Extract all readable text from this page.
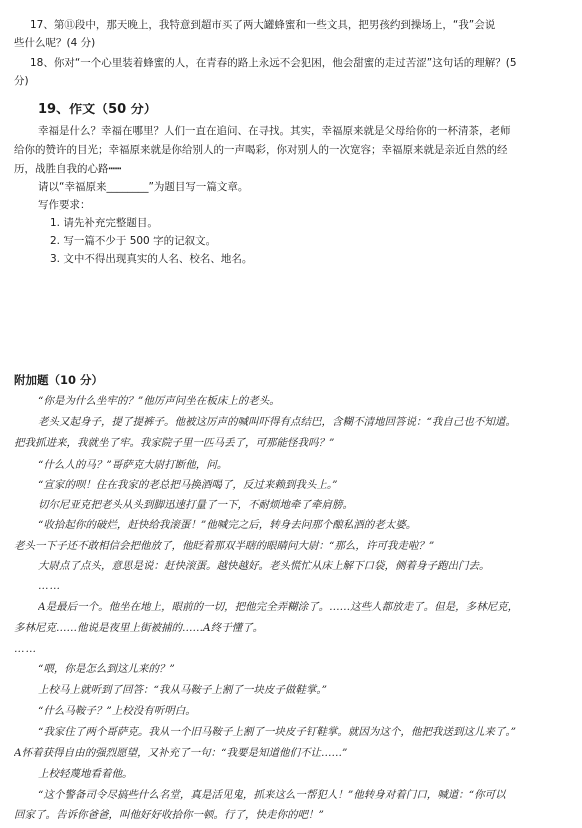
17、第⑪段中，那天晚上，我特意到超市买了两大罐蜂蜜和一些文具，把男孩约到操场上，“我”会说
些什么呢？(4 分)
18、你对“一个心里装着蜂蜜的人，在青春的路上永远不会犯困，他会甜蜜的走过苦涩”这句话的理解？(5
分)
19、作文（50 分）
幸福是什么？幸福在哪里？人们一直在追问、在寻找。其实，幸福原来就是父母给你的一杯清茶，老师
给你的赞许的目光；幸福原来就是你给别人的一声喝彩，你对别人的一次宽容；幸福原来就是亲近自然的经
历，战胜自我的心路┅┅
请以“幸福原来________”为题目写一篇文章。
写作要求：
1. 请先补充完整题目。
2. 写一篇不少于 500 字的记叙文。
3. 文中不得出现真实的人名、校名、地名。
附加题（10 分）
“你是为什么坐牢的？”他厉声问坐在板床上的老头。
老头又起身子，提了提裤子。他被这厉声的喊叫吓得有点结巴，含糊不清地回答说：“我自己也不知道。
把我抓进来，我就坐了牢。我家院子里一匹马丢了，可那能怪我吗？”
“什么人的马？”哥萨克大尉打断他，问。
“宣家的呗！住在我家的老总把马换酒喝了，反过来赖到我头上。”
切尔尼亚克把老头从头到脚迅速打量了一下，不耐烦地牵了牵肩膀。
“收拾起你的破烂，赶快给我滚蛋！”他喊完之后，转身去问那个酿私酒的老太婆。
老头一下子还不敢相信会把他放了，他眨着那双半瞎的眼睛问大尉：“那么，许可我走啦？”
大尉点了点头，意思是说：赶快滚蛋。越快越好。老头慌忙从床上解下口袋，侧着身子跑出门去。
……
A是最后一个。他坐在地上，眼前的一切，把他完全弄糊涂了。……这些人都放走了。但是，多林尼克，
多林尼克……他说是夜里上街被捕的……A终于懂了。
……
“喂，你是怎么到这儿来的？”
上校马上就听到了回答：“我从马鞍子上割了一块皮子做鞋掌。”
“什么马鞍子？”上校没有听明白。
“我家住了两个哥萨克。我从一个旧马鞍子上割了一块皮子钉鞋掌。就因为这个，他把我送到这儿来了。”
A怀着获得自由的强烈愿望，又补充了一句：“我要是知道他们不让……”
上校轻蔑地看着他。
“这个警备司令尽搞些什么名堂，真是活见鬼，抓来这么一帮犯人！”他转身对着门口，喊道：“你可以
回家了。告诉你爸爸，叫他好好收拾你一顿。行了，快走你的吧！”
